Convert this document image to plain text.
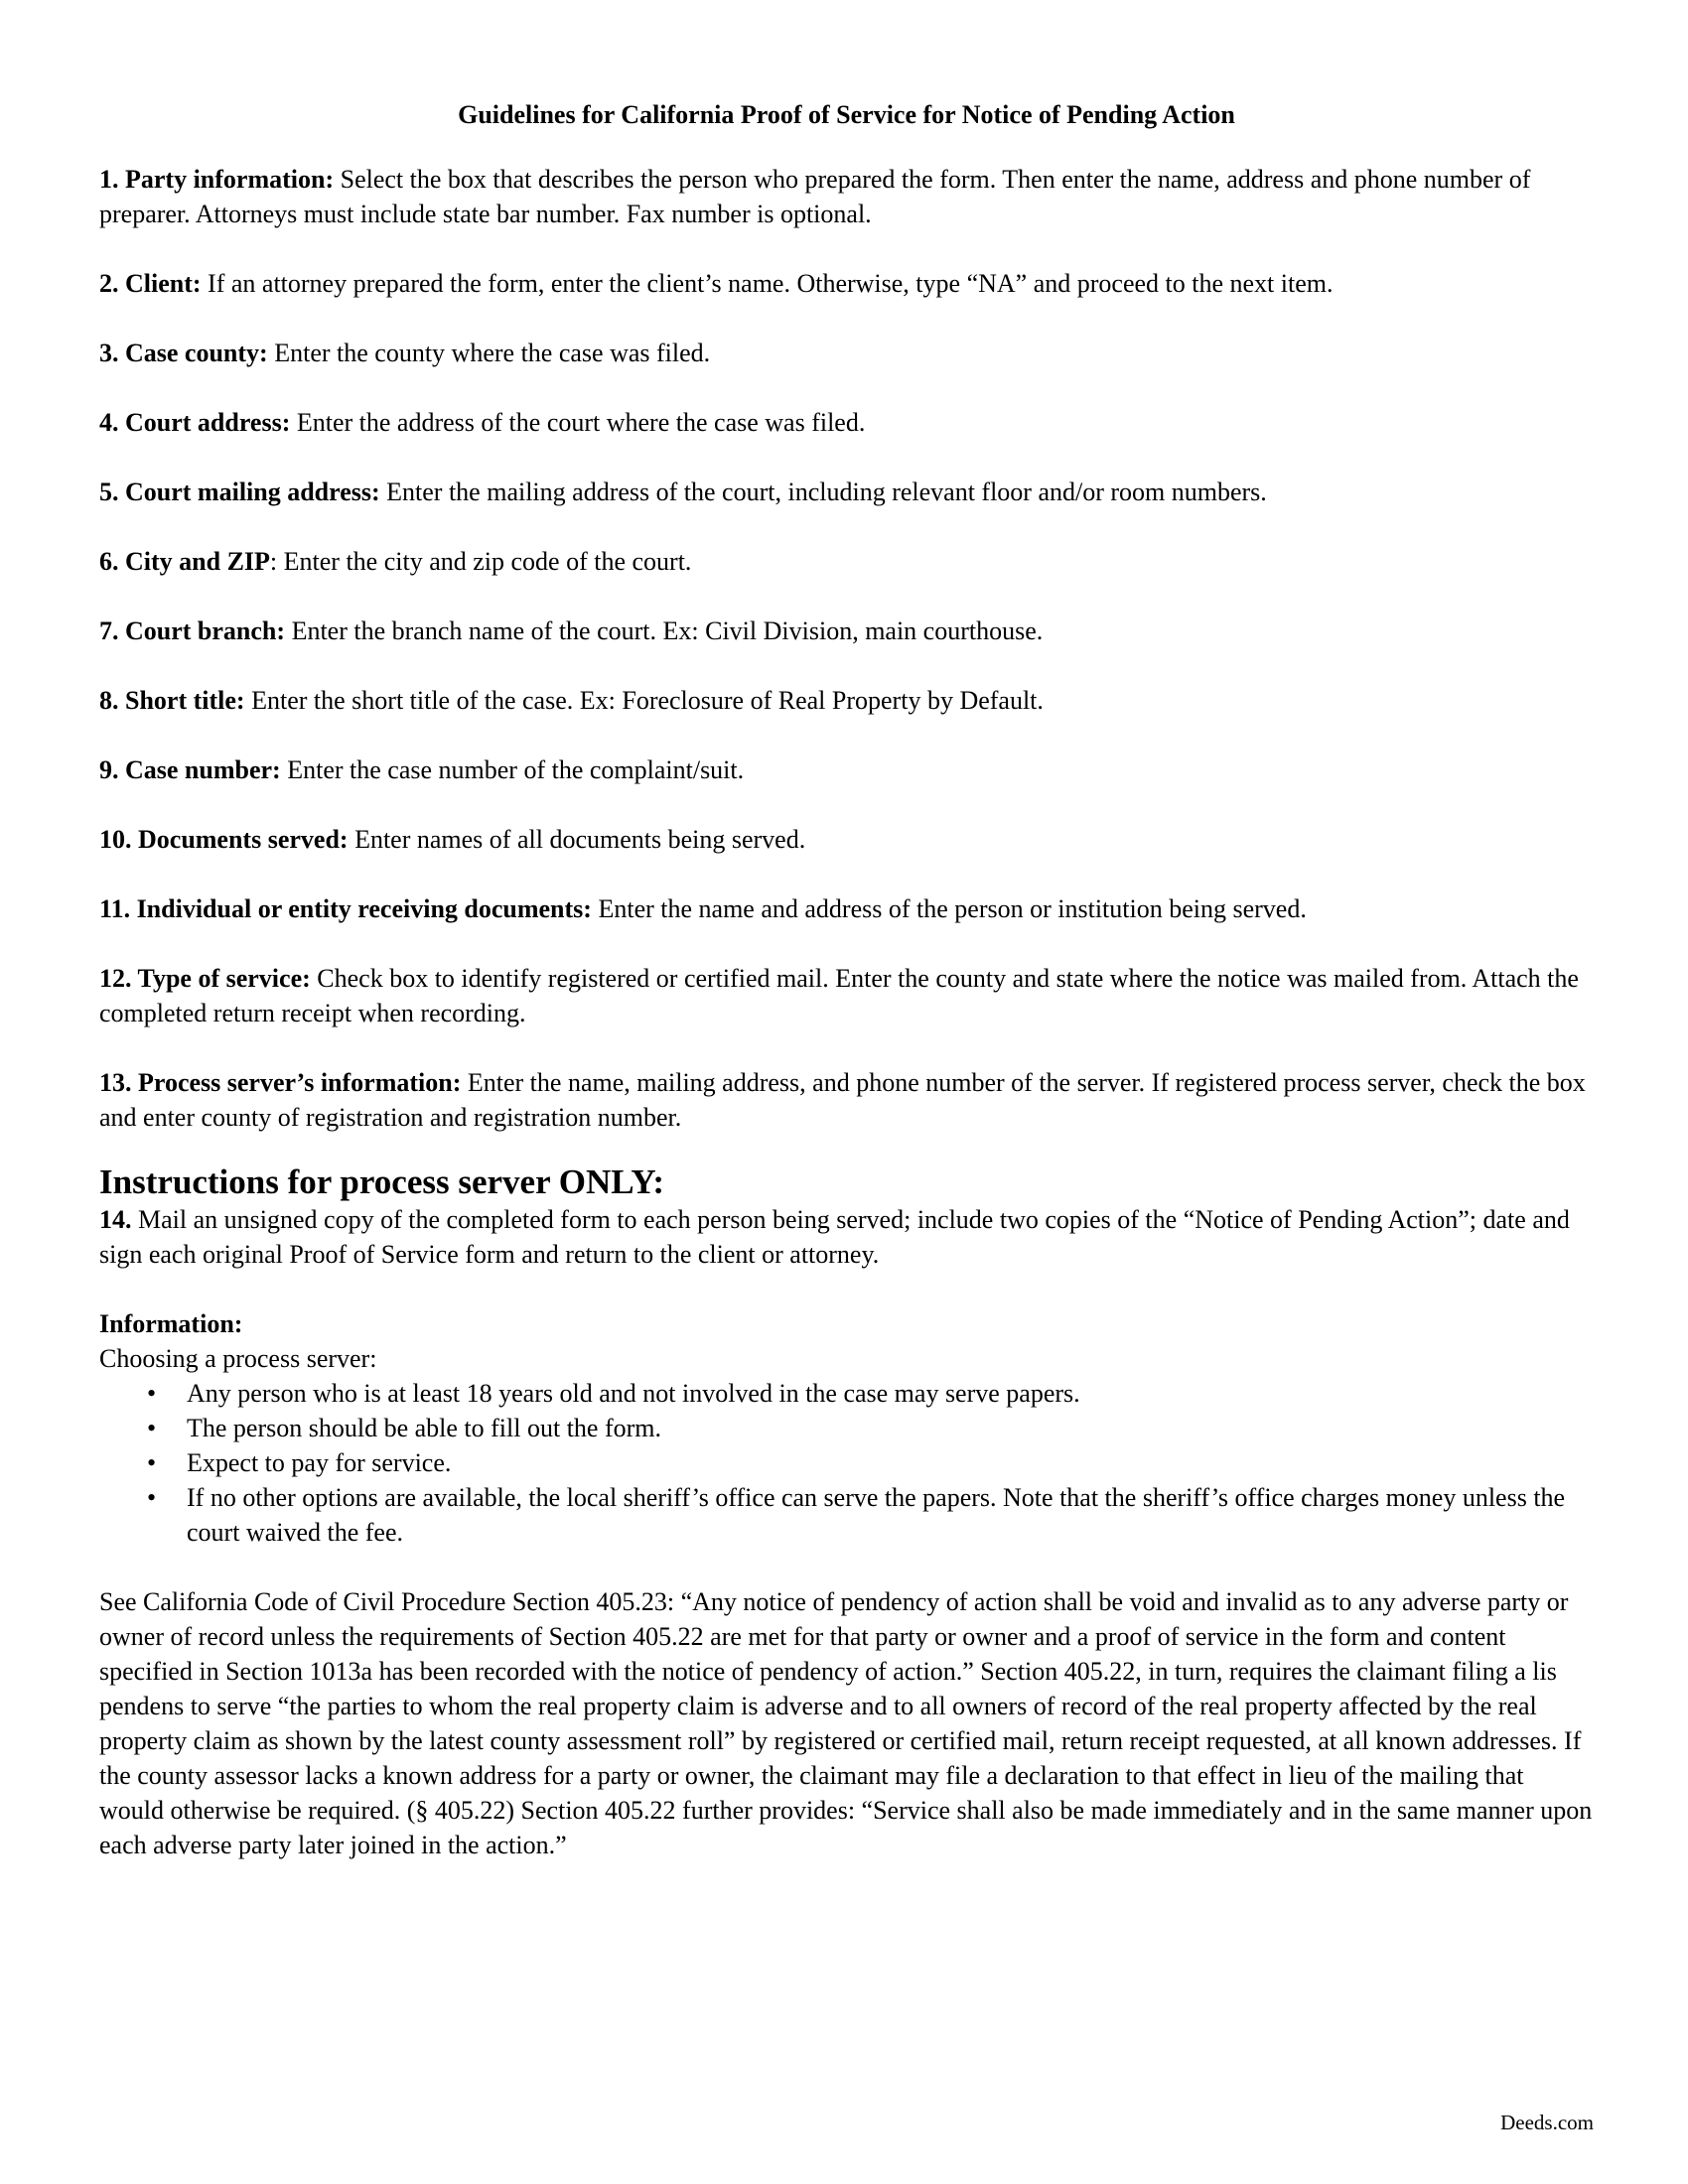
Guidelines for California Proof of Service for Notice of Pending Action
1. Party information: Select the box that describes the person who prepared the form. Then enter the name, address and phone number of preparer. Attorneys must include state bar number. Fax number is optional.
2. Client: If an attorney prepared the form, enter the client’s name. Otherwise, type “NA” and proceed to the next item.
3. Case county: Enter the county where the case was filed.
4. Court address: Enter the address of the court where the case was filed.
5. Court mailing address: Enter the mailing address of the court, including relevant floor and/or room numbers.
6. City and ZIP: Enter the city and zip code of the court.
7. Court branch: Enter the branch name of the court. Ex: Civil Division, main courthouse.
8. Short title: Enter the short title of the case. Ex: Foreclosure of Real Property by Default.
9. Case number: Enter the case number of the complaint/suit.
10. Documents served: Enter names of all documents being served.
11. Individual or entity receiving documents: Enter the name and address of the person or institution being served.
12. Type of service: Check box to identify registered or certified mail. Enter the county and state where the notice was mailed from. Attach the completed return receipt when recording.
13. Process server’s information: Enter the name, mailing address, and phone number of the server. If registered process server, check the box and enter county of registration and registration number.
Instructions for process server ONLY:
14. Mail an unsigned copy of the completed form to each person being served; include two copies of the “Notice of Pending Action”; date and sign each original Proof of Service form and return to the client or attorney.
Information:
Choosing a process server:
• Any person who is at least 18 years old and not involved in the case may serve papers.
• The person should be able to fill out the form.
• Expect to pay for service.
• If no other options are available, the local sheriff’s office can serve the papers. Note that the sheriff’s office charges money unless the court waived the fee.
See California Code of Civil Procedure Section 405.23: “Any notice of pendency of action shall be void and invalid as to any adverse party or owner of record unless the requirements of Section 405.22 are met for that party or owner and a proof of service in the form and content specified in Section 1013a has been recorded with the notice of pendency of action.” Section 405.22, in turn, requires the claimant filing a lis pendens to serve “the parties to whom the real property claim is adverse and to all owners of record of the real property affected by the real property claim as shown by the latest county assessment roll” by registered or certified mail, return receipt requested, at all known addresses. If the county assessor lacks a known address for a party or owner, the claimant may file a declaration to that effect in lieu of the mailing that would otherwise be required. (§ 405.22) Section 405.22 further provides: “Service shall also be made immediately and in the same manner upon each adverse party later joined in the action.”
Deeds.com
